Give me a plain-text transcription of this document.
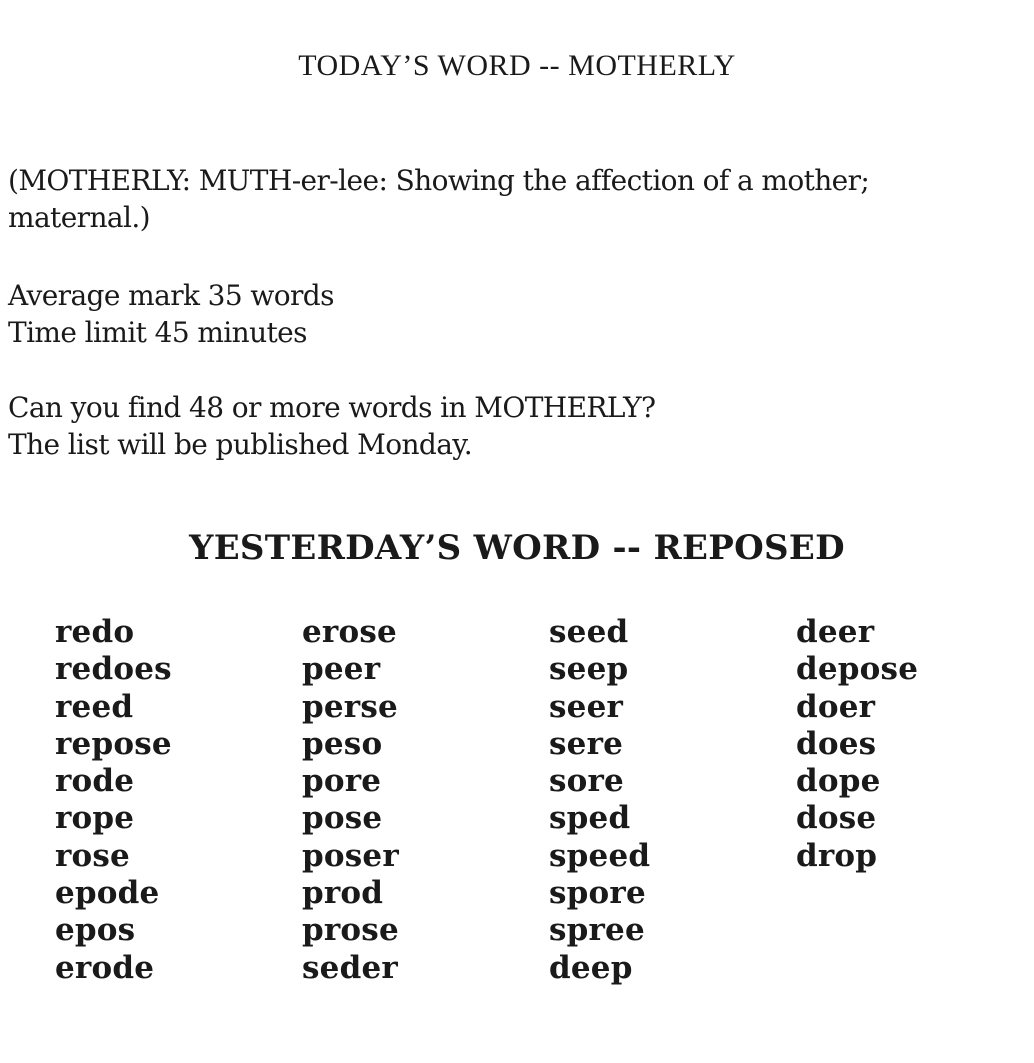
TODAY’S WORD -- MOTHERLY

(MOTHERLY: MUTH-er-lee: Showing the affection of a mother;

maternal.)

Average mark 35 words

Time limit 45 minutes

Can you find 48 or more words in MOTHERLY?

The list will be published Monday.

YESTERDAY’S WORD -- REPOSED
redo
redoes
reed
repose
rode
rope
rose
epode
epos
erode
erose
peer
perse
peso
pore
pose
poser
prod
prose
seder
seed
seep
seer
sere
sore
sped
speed
spore
spree
deep
deer
depose
doer
does
dope
dose
drop
